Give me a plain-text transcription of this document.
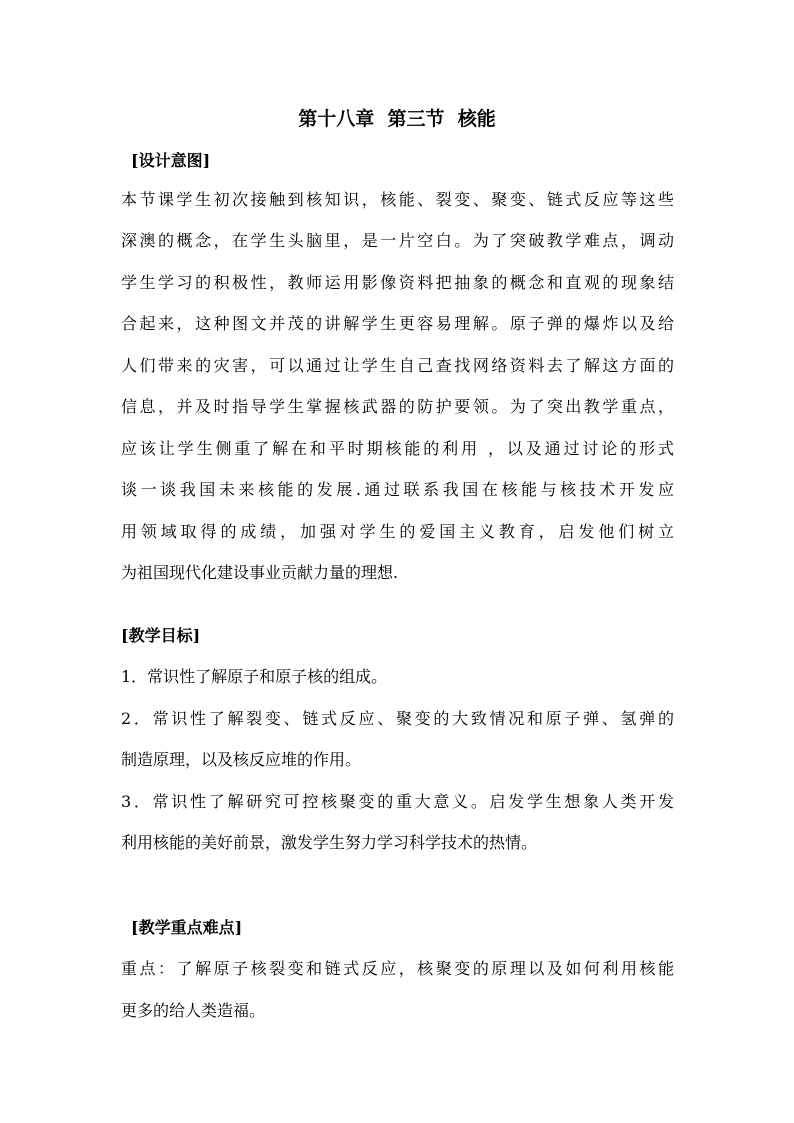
第十八章  第三节  核能
[设计意图]
本节课学生初次接触到核知识，核能、裂变、聚变、链式反应等这些
深澳的概念，在学生头脑里，是一片空白。为了突破教学难点，调动
学生学习的积极性，教师运用影像资料把抽象的概念和直观的现象结
合起来，这种图文并茂的讲解学生更容易理解。原子弹的爆炸以及给
人们带来的灾害，可以通过让学生自己查找网络资料去了解这方面的
信息，并及时指导学生掌握核武器的防护要领。为了突出教学重点，
应该让学生侧重了解在和平时期核能的利用 ，以及通过讨论的形式
谈一谈我国未来核能的发展.通过联系我国在核能与核技术开发应
用领域取得的成绩，加强对学生的爱国主义教育，启发他们树立
为祖国现代化建设事业贡献力量的理想.
[教学目标]
1．常识性了解原子和原子核的组成。
2．常识性了解裂变、链式反应、聚变的大致情况和原子弹、氢弹的
制造原理，以及核反应堆的作用。
3．常识性了解研究可控核聚变的重大意义。启发学生想象人类开发
利用核能的美好前景，激发学生努力学习科学技术的热情。
[教学重点难点]
重点：了解原子核裂变和链式反应，核聚变的原理以及如何利用核能
更多的给人类造福。
